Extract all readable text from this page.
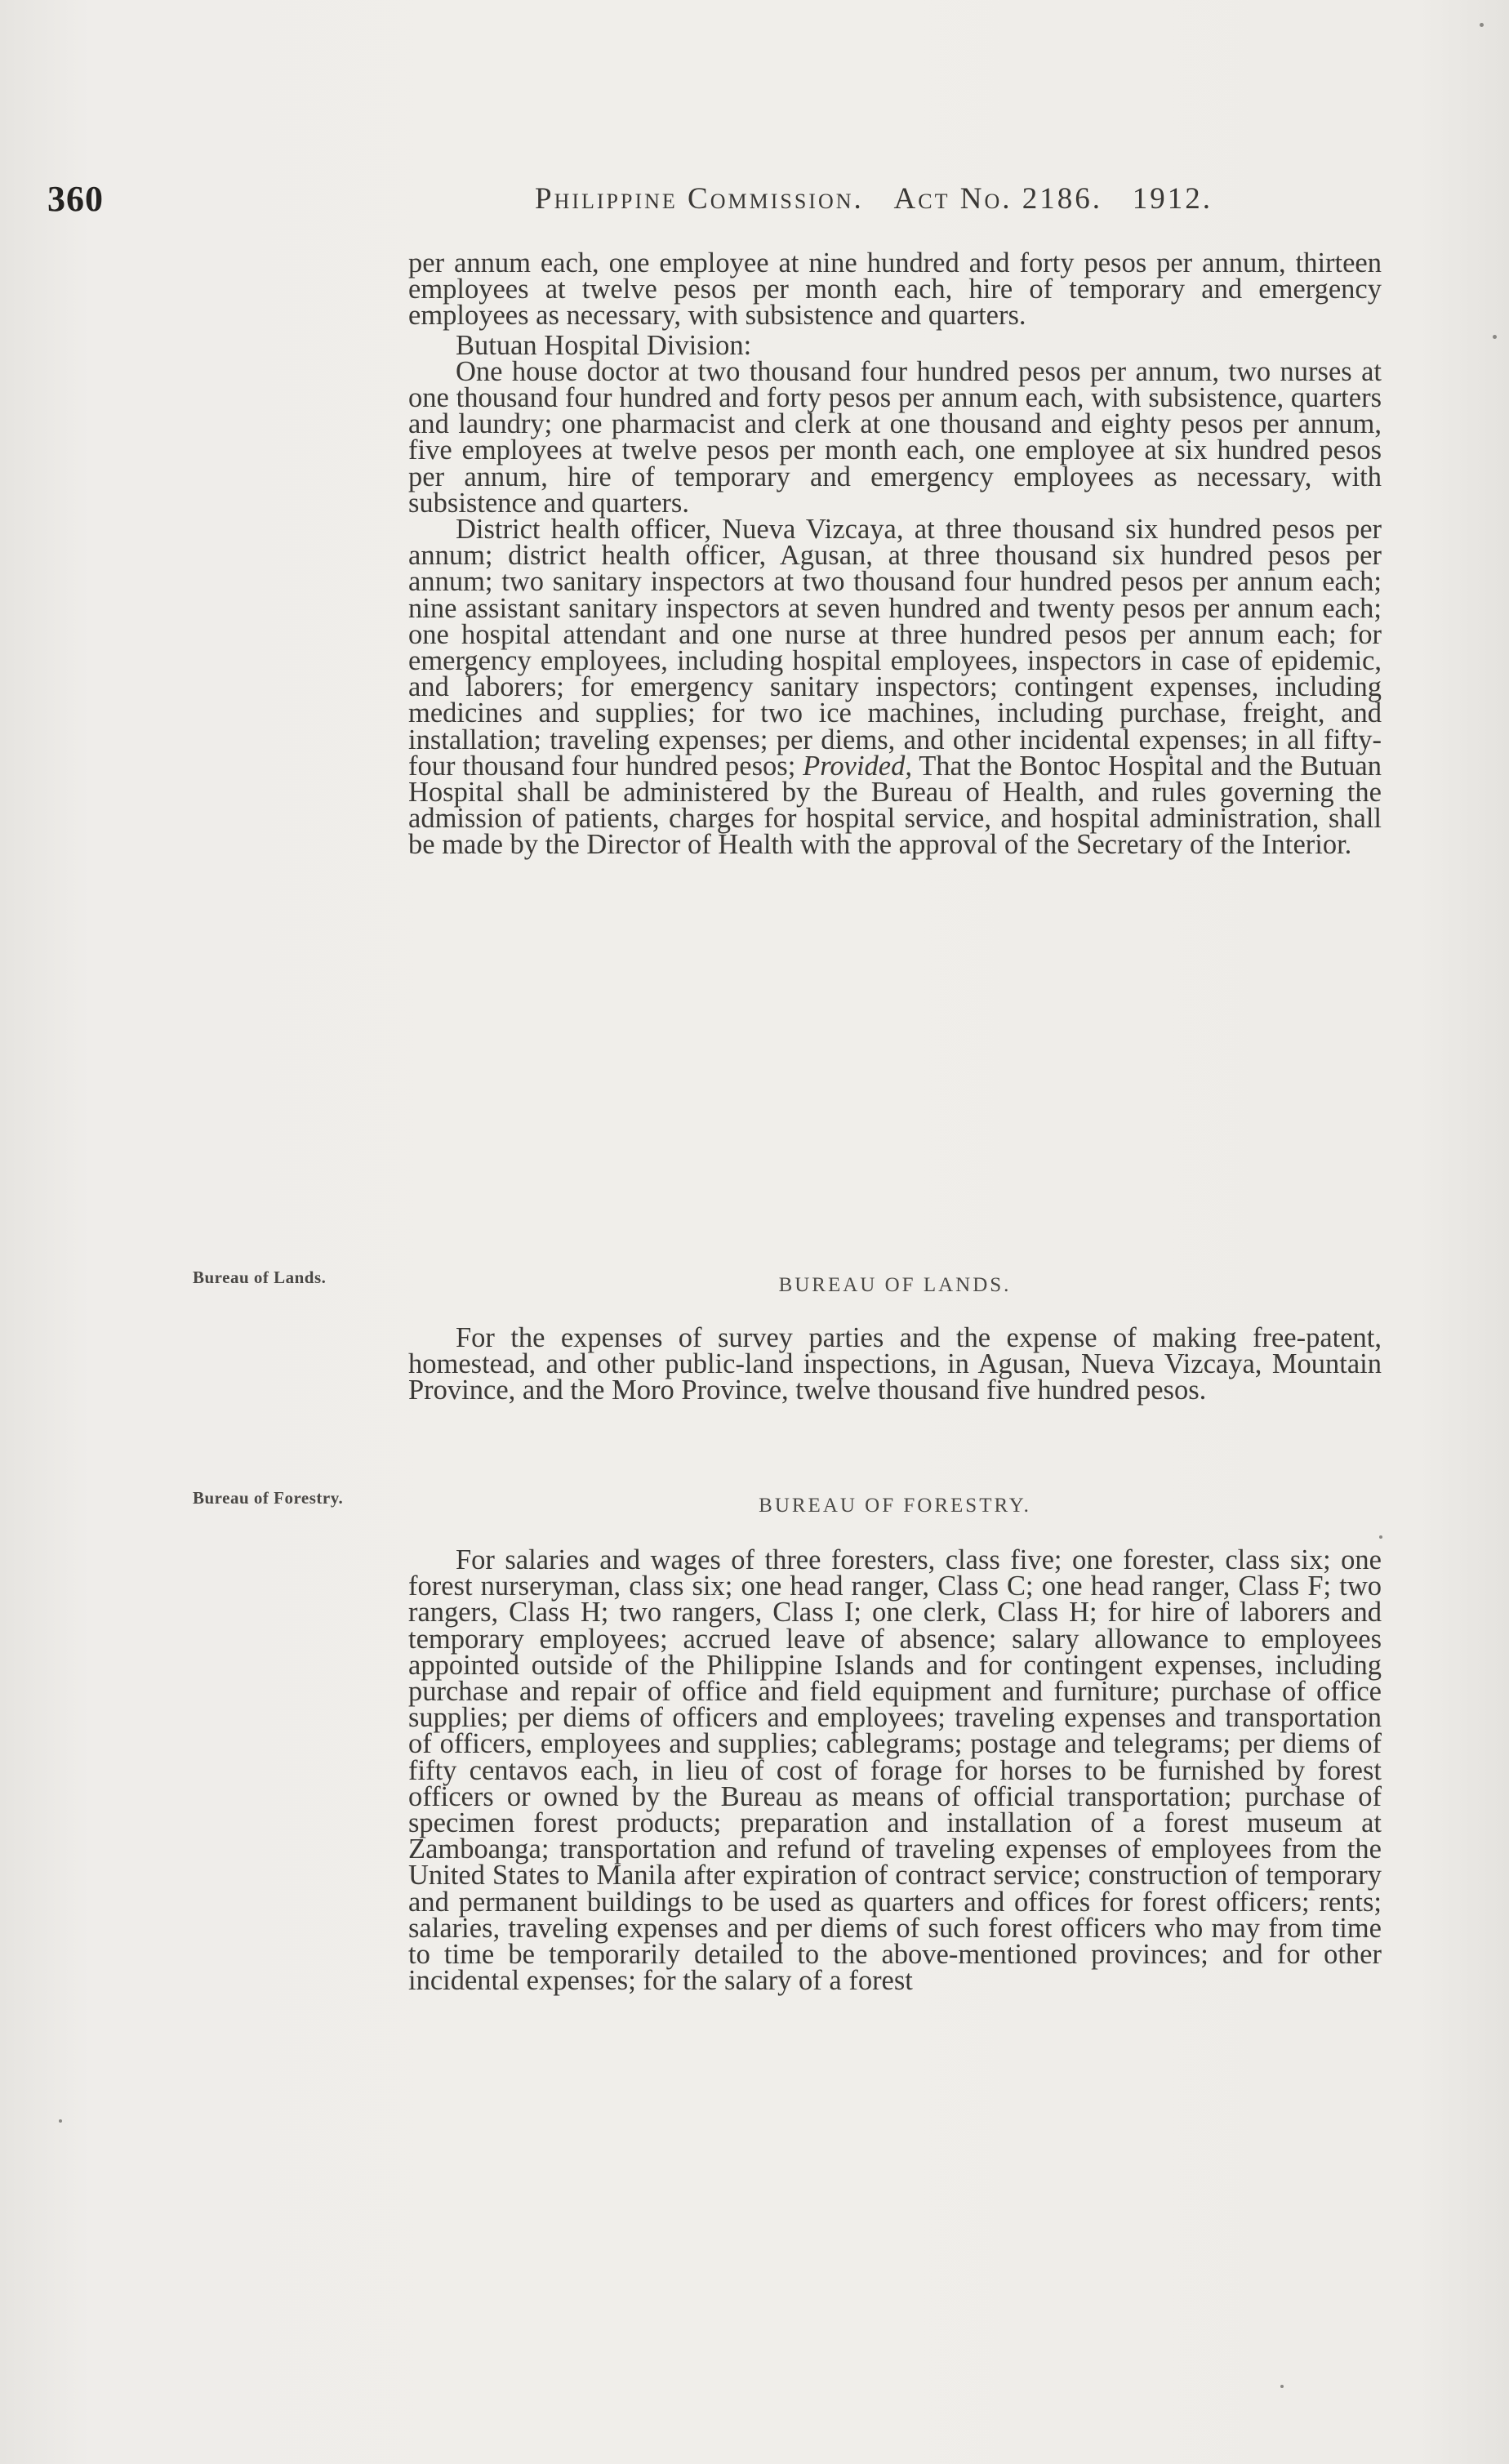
360	Philippine Commission. Act No. 2186. 1912.

per annum each, one employee at nine hundred and forty pesos per annum, thirteen employees at twelve pesos per month each, hire of temporary and emergency employees as necessary, with subsistence and quarters.

Butuan Hospital Division:

One house doctor at two thousand four hundred pesos per annum, two nurses at one thousand four hundred and forty pesos per annum each, with subsistence, quarters and laundry; one pharmacist and clerk at one thousand and eighty pesos per annum, five employees at twelve pesos per month each, one employee at six hundred pesos per annum, hire of temporary and emergency employees as necessary, with subsistence and quarters.

District health officer, Nueva Vizcaya, at three thousand six hundred pesos per annum; district health officer, Agusan, at three thousand six hundred pesos per annum; two sanitary inspectors at two thousand four hundred pesos per annum each; nine assistant sanitary inspectors at seven hundred and twenty pesos per annum each; one hospital attendant and one nurse at three hundred pesos per annum each; for emergency employees, including hospital employees, inspectors in case of epidemic, and laborers; for emergency sanitary inspectors; contingent expenses, including medicines and supplies; for two ice machines, including purchase, freight, and installation; traveling expenses; per diems, and other incidental expenses; in all fifty-four thousand four hundred pesos; Provided, That the Bontoc Hospital and the Butuan Hospital shall be administered by the Bureau of Health, and rules governing the admission of patients, charges for hospital service, and hospital administration, shall be made by the Director of Health with the approval of the Secretary of the Interior.

Bureau of Lands.	BUREAU OF LANDS.

For the expenses of survey parties and the expense of making free-patent, homestead, and other public-land inspections, in Agusan, Nueva Vizcaya, Mountain Province, and the Moro Province, twelve thousand five hundred pesos.

Bureau of Forestry.	BUREAU OF FORESTRY.

For salaries and wages of three foresters, class five; one forester, class six; one forest nurseryman, class six; one head ranger, Class C; one head ranger, Class F; two rangers, Class H; two rangers, Class I; one clerk, Class H; for hire of laborers and temporary employees; accrued leave of absence; salary allowance to employees appointed outside of the Philippine Islands and for contingent expenses, including purchase and repair of office and field equipment and furniture; purchase of office supplies; per diems of officers and employees; traveling expenses and transportation of officers, employees and supplies; cablegrams; postage and telegrams; per diems of fifty centavos each, in lieu of cost of forage for horses to be furnished by forest officers or owned by the Bureau as means of official transportation; purchase of specimen forest products; preparation and installation of a forest museum at Zamboanga; transportation and refund of traveling expenses of employees from the United States to Manila after expiration of contract service; construction of temporary and permanent buildings to be used as quarters and offices for forest officers; rents; salaries, traveling expenses and per diems of such forest officers who may from time to time be temporarily detailed to the above-mentioned provinces; and for other incidental expenses; for the salary of a forest
